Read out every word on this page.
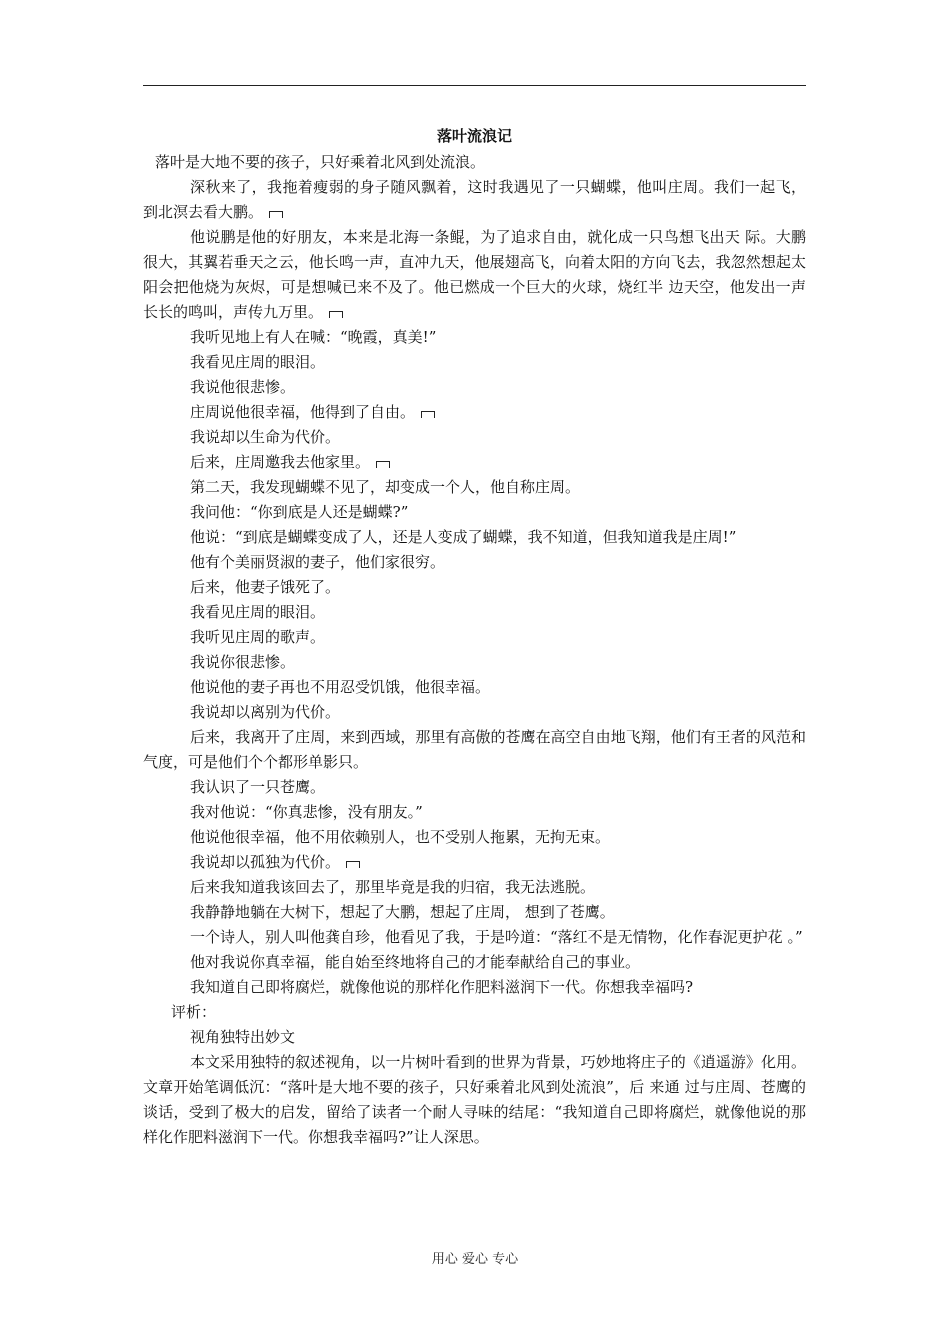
落叶流浪记

落叶是大地不要的孩子，只好乘着北风到处流浪。

深秋来了，我拖着瘦弱的身子随风飘着，这时我遇见了一只蝴蝶，他叫庄周。我们一起飞， 到北溟去看大鹏。

他说鹏是他的好朋友，本来是北海一条鲲，为了追求自由，就化成一只鸟想飞出天 际。大鹏很大，其翼若垂天之云，他长鸣一声，直冲九天，他展翅高飞，向着太阳的方向飞去，我忽然想起太阳会把他烧为灰烬，可是想喊已来不及了。他已燃成一个巨大的火球，烧红半 边天空，他发出一声长长的鸣叫，声传九万里。

我听见地上有人在喊：“晚霞，真美!”

我看见庄周的眼泪。

我说他很悲惨。

庄周说他很幸福，他得到了自由。

我说却以生命为代价。

后来，庄周邀我去他家里。

第二天，我发现蝴蝶不见了，却变成一个人，他自称庄周。

我问他：“你到底是人还是蝴蝶?”

他说：“到底是蝴蝶变成了人，还是人变成了蝴蝶，我不知道，但我知道我是庄周!”

他有个美丽贤淑的妻子，他们家很穷。

后来，他妻子饿死了。

我看见庄周的眼泪。

我听见庄周的歌声。

我说你很悲惨。

他说他的妻子再也不用忍受饥饿，他很幸福。

我说却以离别为代价。

后来，我离开了庄周，来到西域，那里有高傲的苍鹰在高空自由地飞翔，他们有王者的风范和气度，可是他们个个都形单影只。

我认识了一只苍鹰。

我对他说：“你真悲惨，没有朋友。”

他说他很幸福，他不用依赖别人，也不受别人拖累，无拘无束。

我说却以孤独为代价。

后来我知道我该回去了，那里毕竟是我的归宿，我无法逃脱。

我静静地躺在大树下，想起了大鹏，想起了庄周， 想到了苍鹰。

一个诗人，别人叫他龚自珍，他看见了我，于是吟道：“落红不是无情物，化作春泥更护花 。”

他对我说你真幸福，能自始至终地将自己的才能奉献给自己的事业。

我知道自己即将腐烂，就像他说的那样化作肥料滋润下一代。你想我幸福吗?

评析：

视角独特出妙文

本文采用独特的叙述视角，以一片树叶看到的世界为背景，巧妙地将庄子的《逍遥游》化用。文章开始笔调低沉：“落叶是大地不要的孩子，只好乘着北风到处流浪”，后 来通 过与庄周、苍鹰的谈话，受到了极大的启发，留给了读者一个耐人寻味的结尾：“我知道自己即将腐烂，就像他说的那样化作肥料滋润下一代。你想我幸福吗?”让人深思。

用心 爱心 专心
